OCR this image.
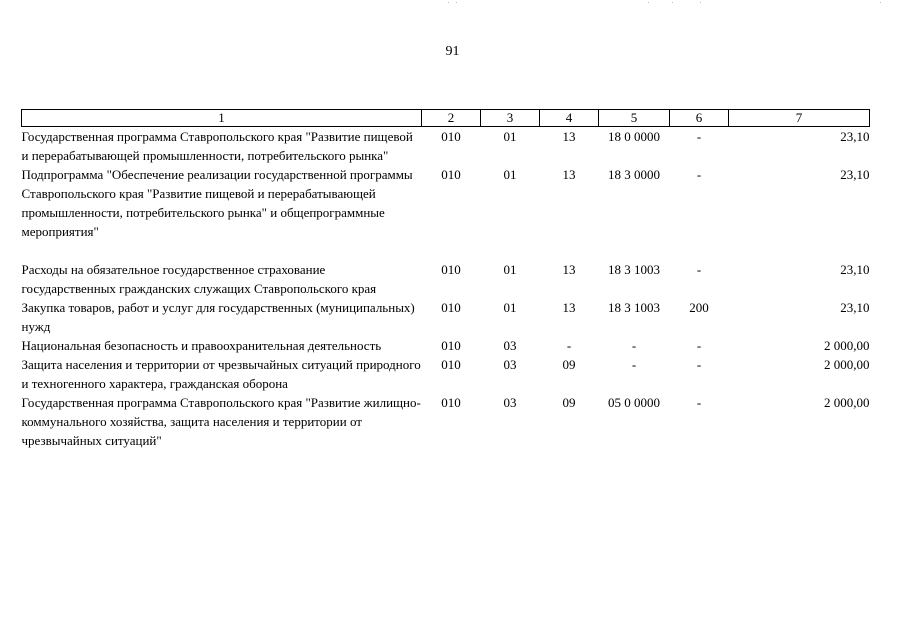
91
1	2	3	4	5	6	7
Государственная программа Ставропольского края "Развитие пищевой и перерабатывающей промышленности, потребительского рынка"	010	01	13	18 0 0000	-	23,10
Подпрограмма "Обеспечение реализации государственной программы Ставропольского края "Развитие пищевой и перерабатывающей промышленности, потребительского рынка" и общепрограммные мероприятия"	010	01	13	18 3 0000	-	23,10

Расходы на обязательное государственное страхование государственных гражданских служащих Ставропольского края	010	01	13	18 3 1003	-	23,10
Закупка товаров, работ и услуг для государственных (муниципальных) нужд	010	01	13	18 3 1003	200	23,10
Национальная безопасность и правоохранительная деятельность	010	03	-	-	-	2 000,00
Защита населения и территории от чрезвычайных ситуаций природного и техногенного характера, гражданская оборона	010	03	09	-	-	2 000,00
Государственная программа Ставропольского края "Развитие жилищно-коммунального хозяйства, защита населения и территории от чрезвычайных ситуаций"	010	03	09	05 0 0000	-	2 000,00
